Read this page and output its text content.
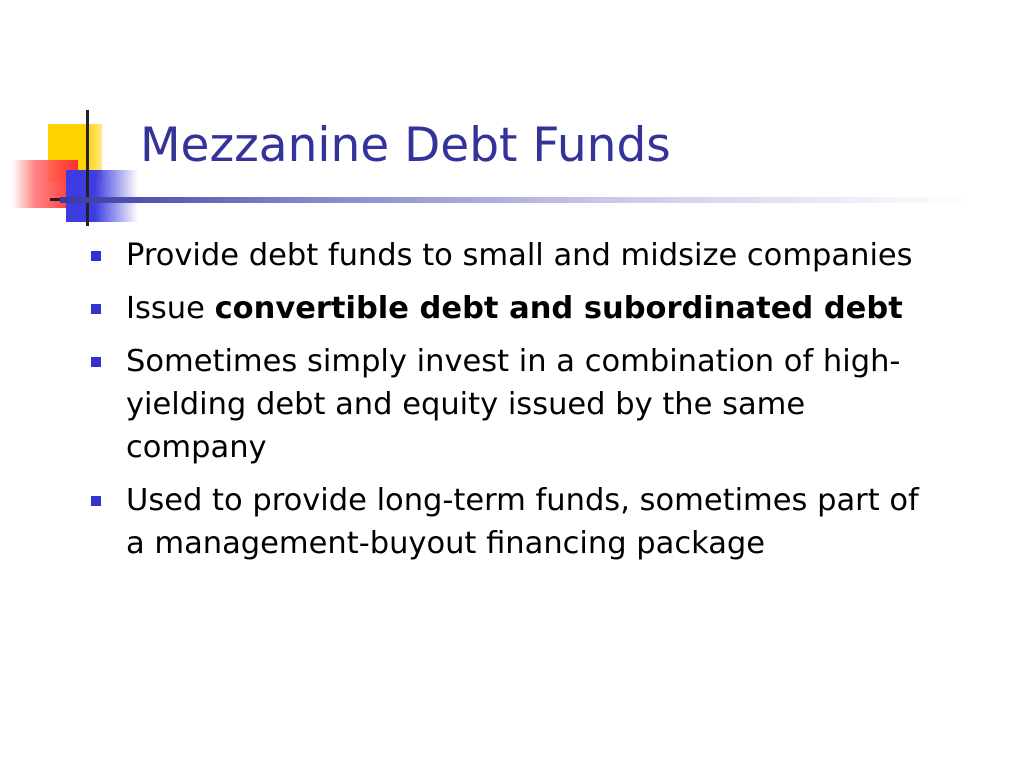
Mezzanine Debt Funds
Provide debt funds to small and midsize companies
Issue convertible debt and subordinated debt
Sometimes simply invest in a combination of high-yielding debt and equity issued by the same company
Used to provide long-term funds, sometimes part of a management-buyout financing package
